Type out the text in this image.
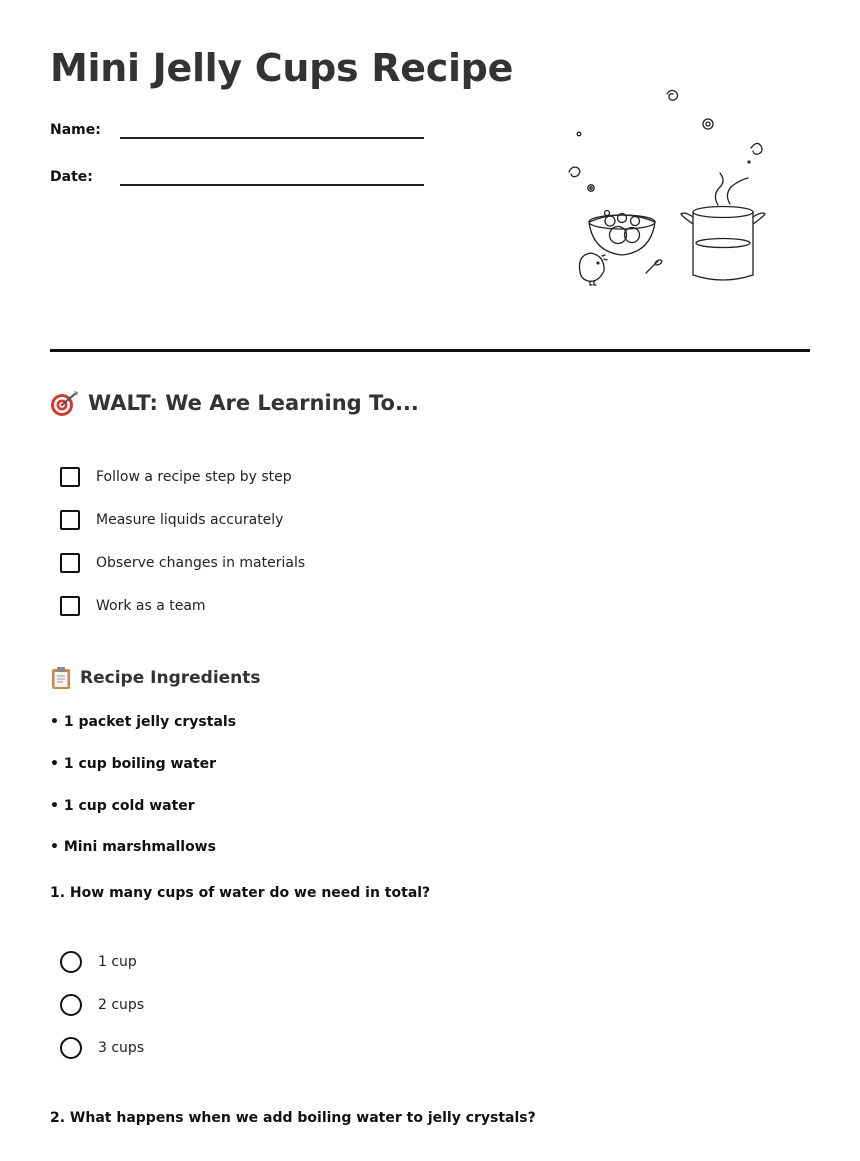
Mini Jelly Cups Recipe
Name:
Date:
WALT: We Are Learning To...
Follow a recipe step by step
Measure liquids accurately
Observe changes in materials
Work as a team
Recipe Ingredients
• 1 packet jelly crystals
• 1 cup boiling water
• 1 cup cold water
• Mini marshmallows
1. How many cups of water do we need in total?
1 cup
2 cups
3 cups
2. What happens when we add boiling water to jelly crystals?
